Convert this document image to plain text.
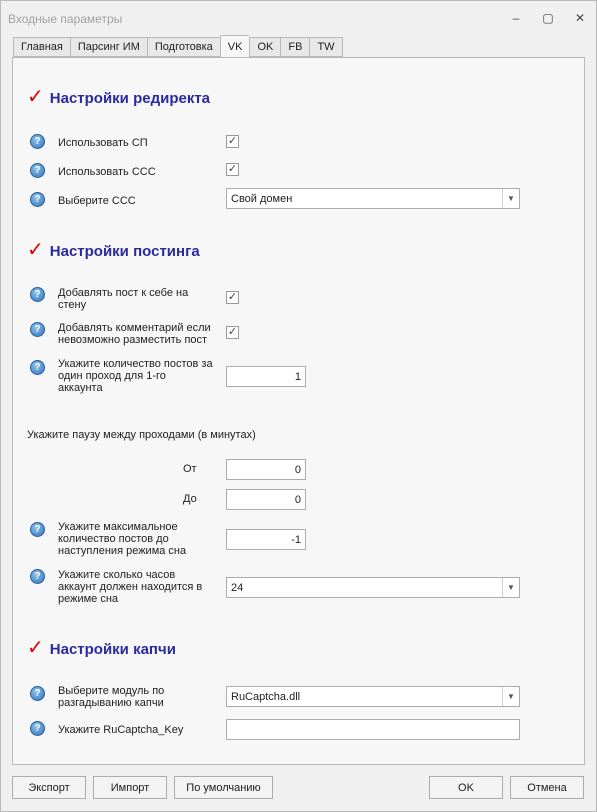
Входные параметры	–	▢	✕
Главная	Парсинг ИМ	Подготовка	VK	OK	FB	TW
✓ Настройки редиректа
?	Использовать СП	✓
?	Использовать ССС	✓
?	Выберите ССС	Свой домен	▼
✓ Настройки постинга
?	Добавлять пост к себе на
стену
✓
?	Добавлять комментарий если
невозможно разместить пост
✓
?	Укажите количество постов за
один проход для 1-го
аккаунта
1
Укажите паузу между проходами (в минутах)
От	0
До	0
?	Укажите максимальное
количество постов до
наступления режима сна
-1
?	Укажите сколько часов
аккаунт должен находится в
режиме сна
24	▼
✓ Настройки капчи
?	Выберите модуль по
разгадыванию капчи
RuCaptcha.dll	▼
?	Укажите RuCaptcha_Key
Экспорт	Импорт	По умолчанию	OK	Отмена
